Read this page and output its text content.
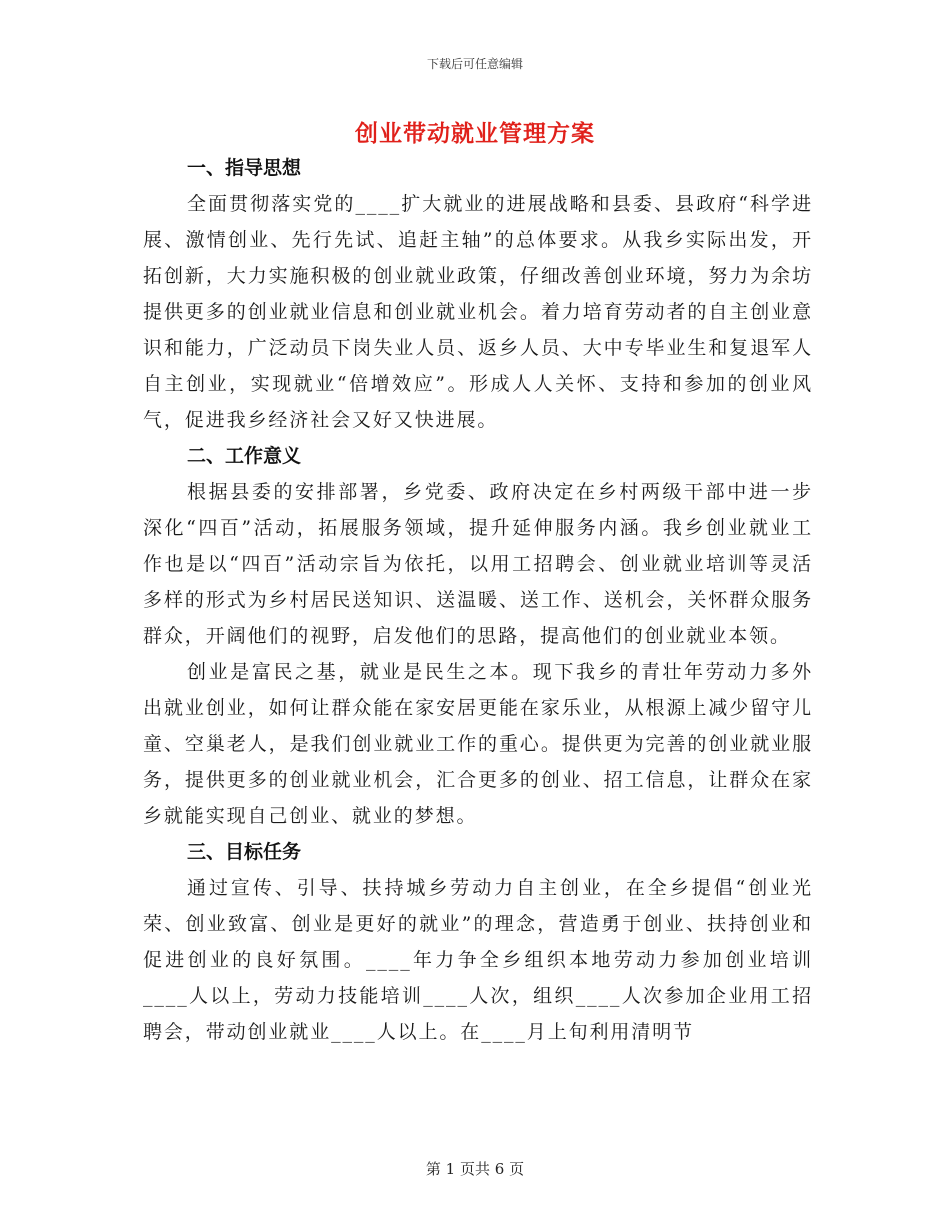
下载后可任意编辑
创业带动就业管理方案

一、指导思想

全面贯彻落实党的____扩大就业的进展战略和县委、县政府“科学进展、激情创业、先行先试、追赶主轴”的总体要求。从我乡实际出发，开拓创新，大力实施积极的创业就业政策，仔细改善创业环境，努力为余坊提供更多的创业就业信息和创业就业机会。着力培育劳动者的自主创业意识和能力，广泛动员下岗失业人员、返乡人员、大中专毕业生和复退军人自主创业，实现就业“倍增效应”。形成人人关怀、支持和参加的创业风气，促进我乡经济社会又好又快进展。

二、工作意义

根据县委的安排部署，乡党委、政府决定在乡村两级干部中进一步深化“四百”活动，拓展服务领域，提升延伸服务内涵。我乡创业就业工作也是以“四百”活动宗旨为依托，以用工招聘会、创业就业培训等灵活多样的形式为乡村居民送知识、送温暖、送工作、送机会，关怀群众服务群众，开阔他们的视野，启发他们的思路，提高他们的创业就业本领。

创业是富民之基，就业是民生之本。现下我乡的青壮年劳动力多外出就业创业，如何让群众能在家安居更能在家乐业，从根源上减少留守儿童、空巢老人，是我们创业就业工作的重心。提供更为完善的创业就业服务，提供更多的创业就业机会，汇合更多的创业、招工信息，让群众在家乡就能实现自己创业、就业的梦想。

三、目标任务

通过宣传、引导、扶持城乡劳动力自主创业，在全乡提倡“创业光荣、创业致富、创业是更好的就业”的理念，营造勇于创业、扶持创业和促进创业的良好氛围。____年力争全乡组织本地劳动力参加创业培训____人以上，劳动力技能培训____人次，组织____人次参加企业用工招聘会，带动创业就业____人以上。在____月上旬利用清明节

第 1 页共 6 页
